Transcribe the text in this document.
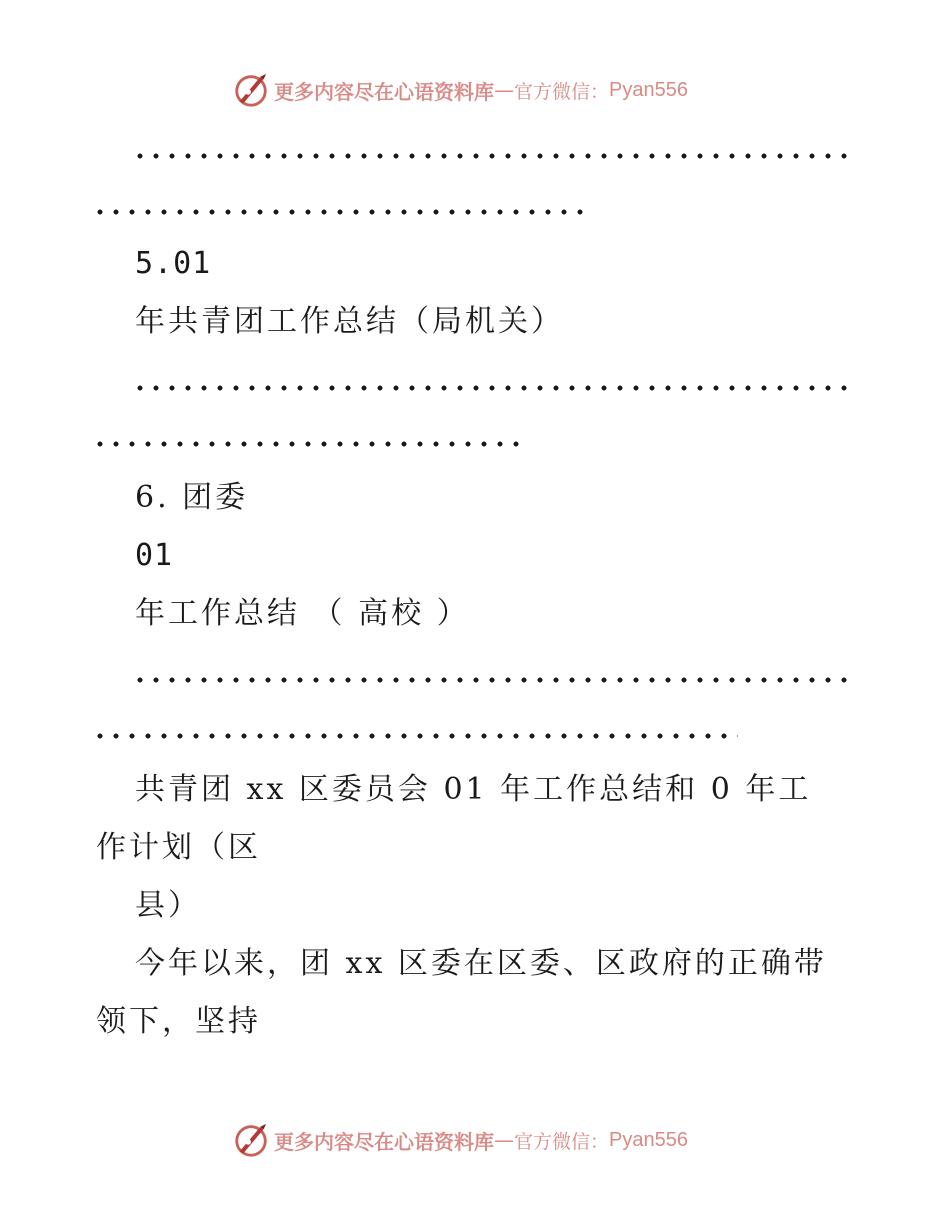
更多内容尽在心语资料库 — 官方微信： Pyan556
5.01
年共青团工作总结（局机关）
6. 团委
01
年工作总结 （ 高校 ）
共青团 xx 区委员会 01 年工作总结和 0 年工
作计划（区
县）
今年以来，团 xx 区委在区委、区政府的正确带
领下，坚持
更多内容尽在心语资料库 — 官方微信： Pyan556
